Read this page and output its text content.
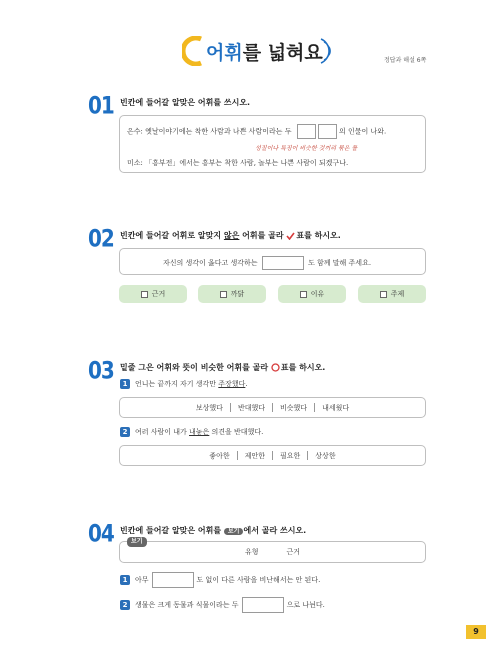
어휘를 넓혀요	정답과 해설 6쪽
01 빈칸에 들어갈 알맞은 어휘를 쓰시오.
은수: 옛날이야기에는 착한 사람과 나쁜 사람이라는 두	의 인물이 나와.
성질이나 특징이 비슷한 것끼리 묶은 틀
미소: 「흥부전」에서는 흥부는 착한 사람, 놀부는 나쁜 사람이 되겠구나.
02 빈칸에 들어갈 어휘로 알맞지 않은 어휘를 골라 표를 하시오.
자신의 생각이 옳다고 생각하는	도 함께 말해 주세요.
근거	까닭	이유	주제
03 밑줄 그은 어휘와 뜻이 비슷한 어휘를 골라 ○표를 하시오.
1 언니는 끝까지 자기 생각만 주장했다.
보상했다 반대했다 비슷했다 내세웠다
2 여러 사람이 내가 내놓은 의견을 반대했다.
좋아한 제안한 필요한 상상한
04 빈칸에 들어갈 알맞은 어휘를 보기 에서 골라 쓰시오.
보기
유형	근거
1 아무	도 없이 다른 사람을 비난해서는 안 된다.
2 생물은 크게 동물과 식물이라는 두	으로 나뉜다.
9
